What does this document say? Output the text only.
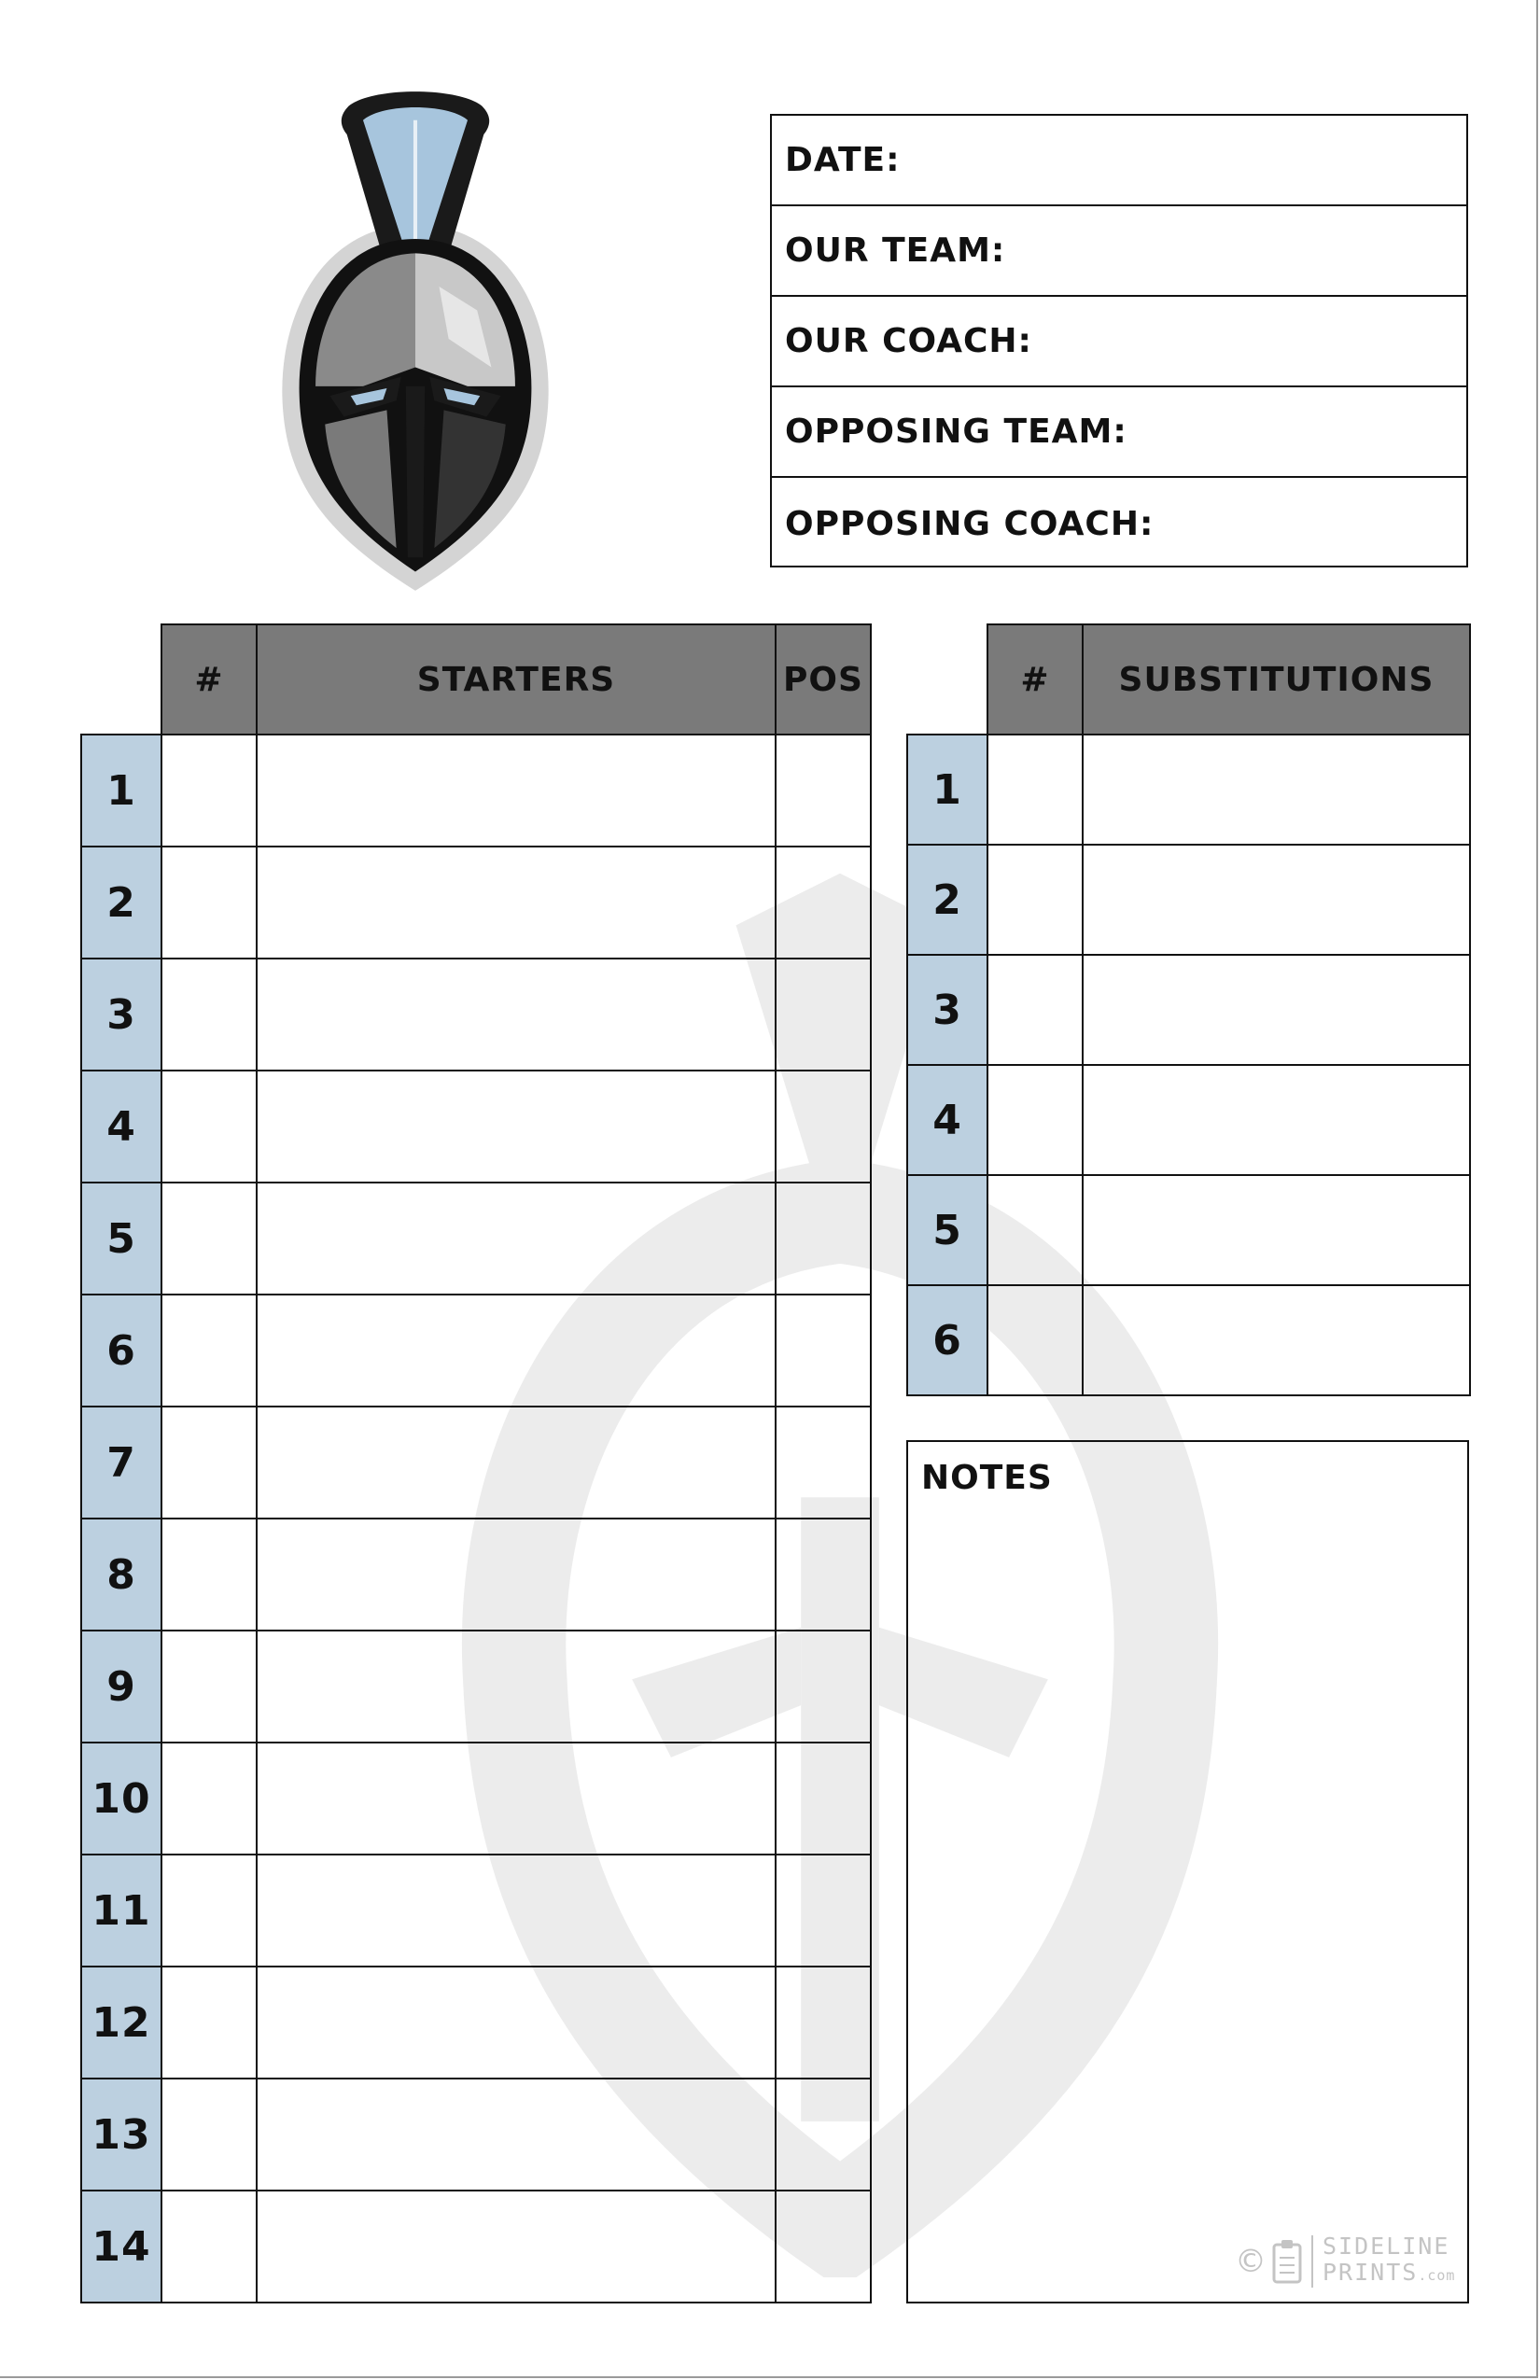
DATE:
OUR TEAM:
OUR COACH:
OPPOSING TEAM:
OPPOSING COACH:
	#	STARTERS	POS
1			
2			
3			
4			
5			
6			
7			
8			
9			
10			
11			
12			
13			
14			
	#	SUBSTITUTIONS
1		
2		
3		
4		
5		
6		
NOTES
© SIDELINE
PRINTS.com
